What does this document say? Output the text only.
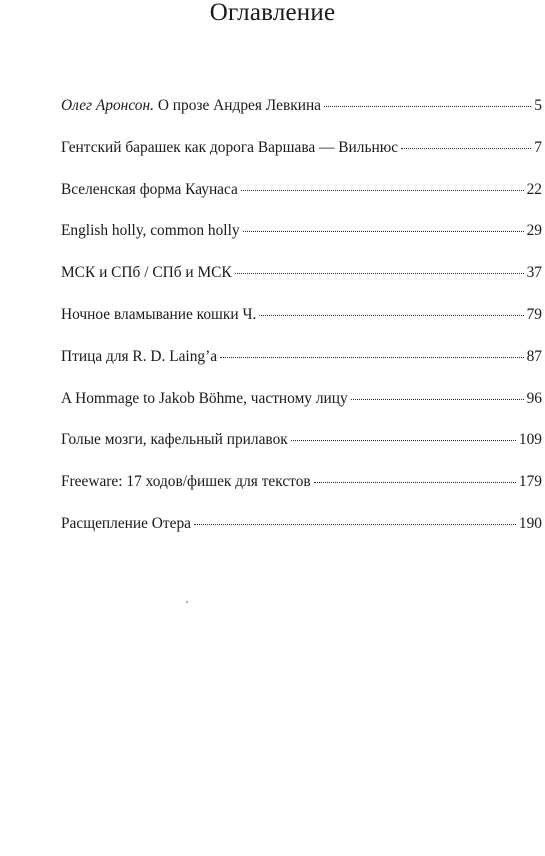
Оглавление
Олег Аронсон. О прозе Андрея Левкина	5
Гентский барашек как дорога Варшава — Вильнюс	7
Вселенская форма Каунаса	22
English holly, common holly	29
МСК и СПб / СПб и МСК	37
Ночное вламывание кошки Ч.	79
Птица для R. D. Laing’a	87
A Hommage to Jakob Böhme, частному лицу	96
Голые мозги, кафельный прилавок	109
Freeware: 17 ходов/фишек для текстов	179
Расщепление Отера	190
